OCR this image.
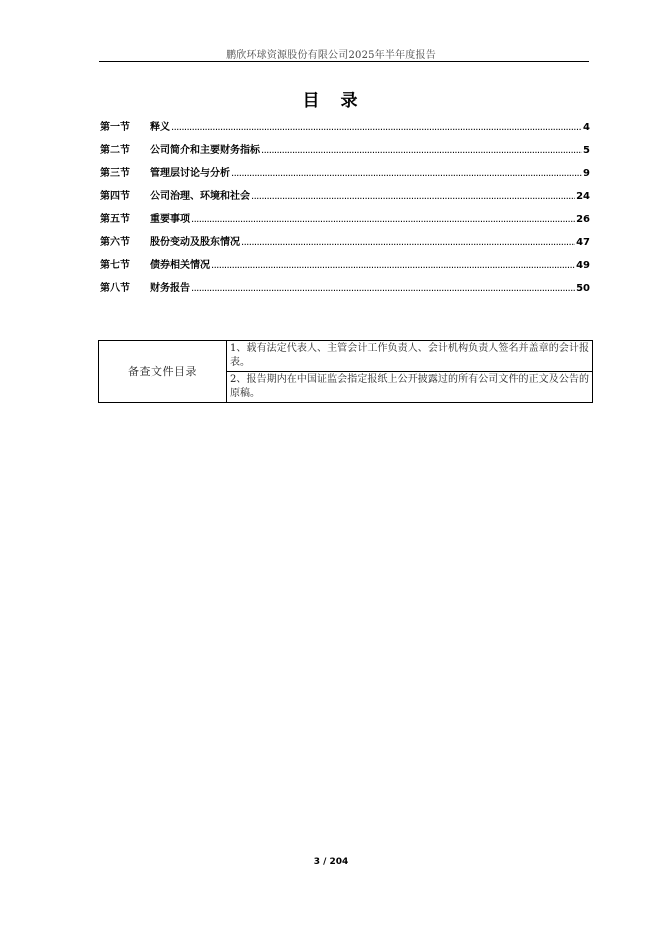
鹏欣环球资源股份有限公司2025年半年度报告
目　录
第一节	释义 .....	4
第二节	公司简介和主要财务指标 .....	5
第三节	管理层讨论与分析 .....	9
第四节	公司治理、环境和社会 .....	24
第五节	重要事项 .....	26
第六节	股份变动及股东情况 .....	47
第七节	债券相关情况 .....	49
第八节	财务报告 .....	50
备查文件目录	1、载有法定代表人、主管会计工作负责人、会计机构负责人签名并盖章的会计报表。
2、报告期内在中国证监会指定报纸上公开披露过的所有公司文件的正文及公告的原稿。
3 / 204
